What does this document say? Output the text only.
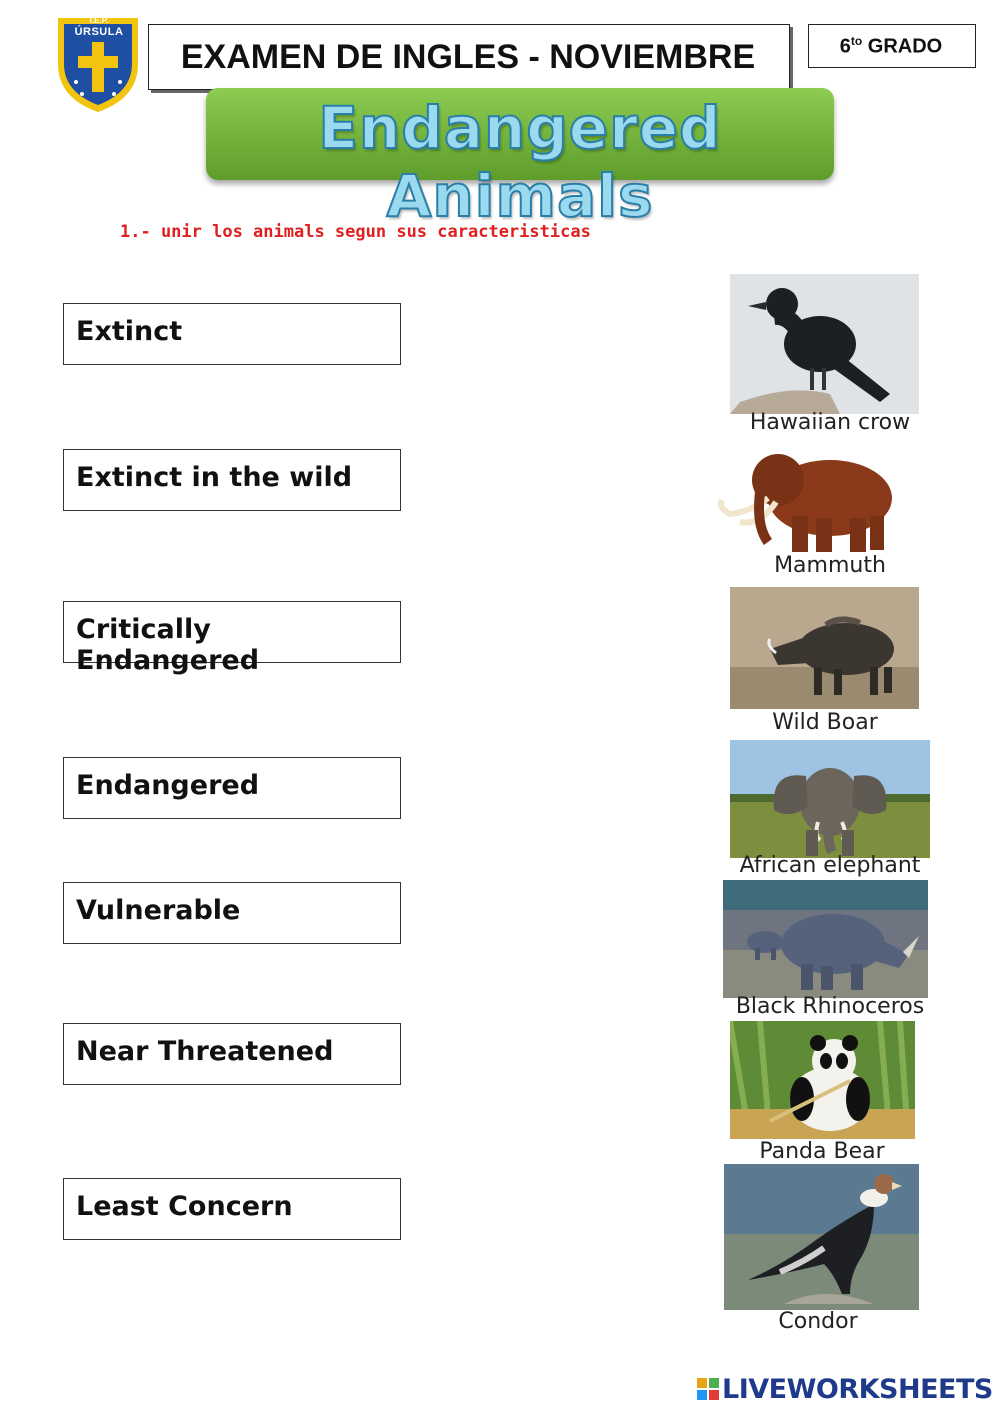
I.E.P.
ÚRSULA
EXAMEN DE INGLES - NOVIEMBRE	$6^{to}$ GRADO
Endangered Animals
1.- unir los animals segun sus caracteristicas
Extinct
Extinct in the wild
Critically Endangered
Endangered
Vulnerable
Near Threatened
Least Concern
Hawaiian crow
Mammuth
Wild Boar
African elephant
Black Rhinoceros
Panda Bear
Condor
LIVEWORKSHEETS
